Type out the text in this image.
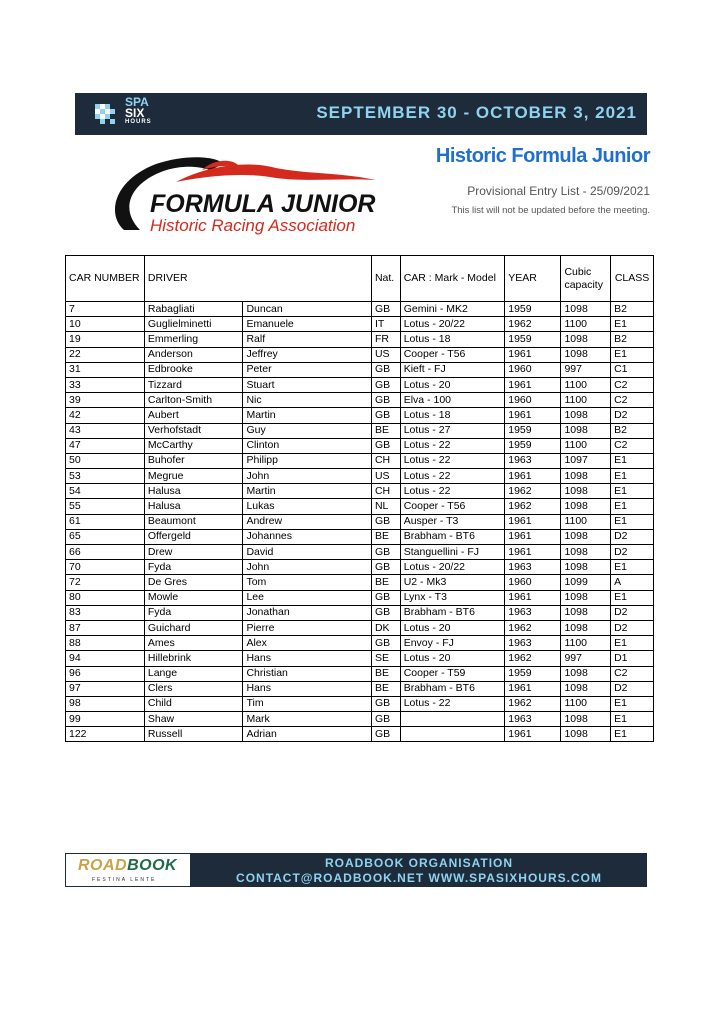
SPA
SIX
HOURS	SEPTEMBER 30 - OCTOBER 3, 2021
FORMULA JUNIOR
Historic Racing Association
Historic Formula Junior
Provisional Entry List - 25/09/2021
This list will not be updated before the meeting.
CAR NUMBER	DRIVER		Nat.	CAR : Mark - Model	YEAR	Cubic
capacity	CLASS
7	Rabagliati	Duncan	GB	Gemini - MK2	1959	1098	B2
10	Guglielminetti	Emanuele	IT	Lotus - 20/22	1962	1100	E1
19	Emmerling	Ralf	FR	Lotus - 18	1959	1098	B2
22	Anderson	Jeffrey	US	Cooper - T56	1961	1098	E1
31	Edbrooke	Peter	GB	Kieft - FJ	1960	997	C1
33	Tizzard	Stuart	GB	Lotus - 20	1961	1100	C2
39	Carlton-Smith	Nic	GB	Elva - 100	1960	1100	C2
42	Aubert	Martin	GB	Lotus - 18	1961	1098	D2
43	Verhofstadt	Guy	BE	Lotus - 27	1959	1098	B2
47	McCarthy	Clinton	GB	Lotus - 22	1959	1100	C2
50	Buhofer	Philipp	CH	Lotus - 22	1963	1097	E1
53	Megrue	John	US	Lotus - 22	1961	1098	E1
54	Halusa	Martin	CH	Lotus - 22	1962	1098	E1
55	Halusa	Lukas	NL	Cooper - T56	1962	1098	E1
61	Beaumont	Andrew	GB	Ausper - T3	1961	1100	E1
65	Offergeld	Johannes	BE	Brabham - BT6	1961	1098	D2
66	Drew	David	GB	Stanguellini - FJ	1961	1098	D2
70	Fyda	John	GB	Lotus - 20/22	1963	1098	E1
72	De Gres	Tom	BE	U2 - Mk3	1960	1099	A
80	Mowle	Lee	GB	Lynx - T3	1961	1098	E1
83	Fyda	Jonathan	GB	Brabham - BT6	1963	1098	D2
87	Guichard	Pierre	DK	Lotus - 20	1962	1098	D2
88	Ames	Alex	GB	Envoy - FJ	1963	1100	E1
94	Hillebrink	Hans	SE	Lotus - 20	1962	997	D1
96	Lange	Christian	BE	Cooper - T59	1959	1098	C2
97	Clers	Hans	BE	Brabham - BT6	1961	1098	D2
98	Child	Tim	GB	Lotus - 22	1962	1100	E1
99	Shaw	Mark	GB		1963	1098	E1
122	Russell	Adrian	GB		1961	1098	E1
ROADBOOK
FESTINA LENTE
ROADBOOK ORGANISATION
CONTACT@ROADBOOK.NET WWW.SPASIXHOURS.COM
